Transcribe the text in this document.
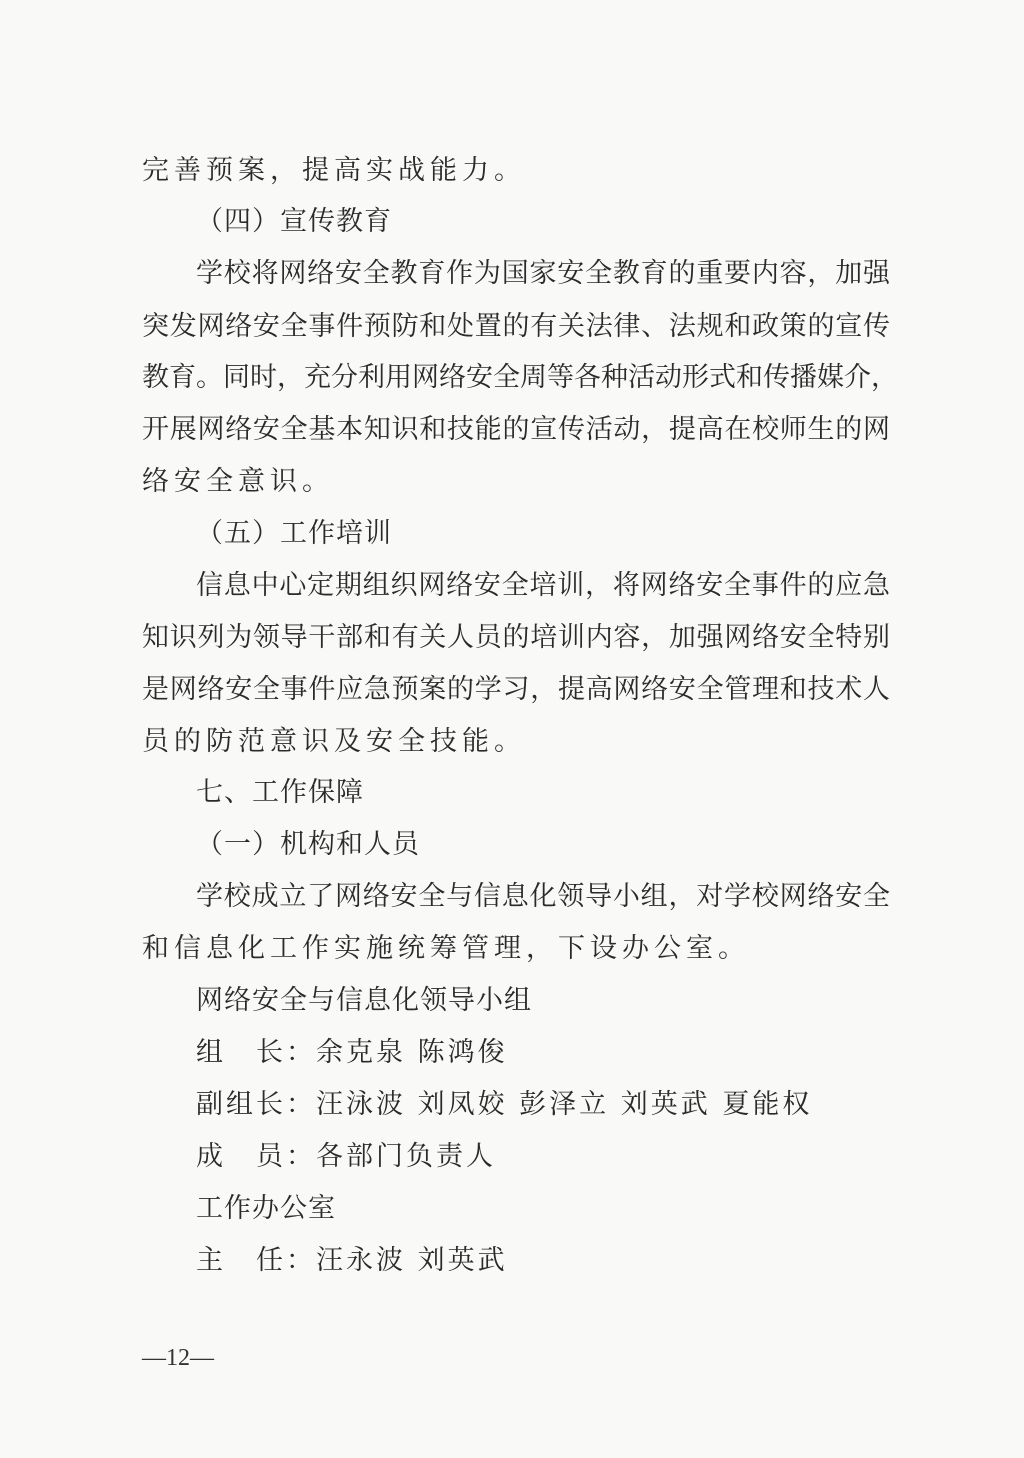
完善预案，提高实战能力。
（四）宣传教育
学校将网络安全教育作为国家安全教育的重要内容，加强
突发网络安全事件预防和处置的有关法律、法规和政策的宣传
教育。同时，充分利用网络安全周等各种活动形式和传播媒介，
开展网络安全基本知识和技能的宣传活动，提高在校师生的网
络安全意识。
（五）工作培训
信息中心定期组织网络安全培训，将网络安全事件的应急
知识列为领导干部和有关人员的培训内容，加强网络安全特别
是网络安全事件应急预案的学习，提高网络安全管理和技术人
员的防范意识及安全技能。
七、工作保障
（一）机构和人员
学校成立了网络安全与信息化领导小组，对学校网络安全
和信息化工作实施统筹管理，下设办公室。
网络安全与信息化领导小组
组　长：余克泉 陈鸿俊
副组长：汪泳波 刘凤姣 彭泽立 刘英武 夏能权
成　员：各部门负责人
工作办公室
主　任：汪永波 刘英武
—12—
